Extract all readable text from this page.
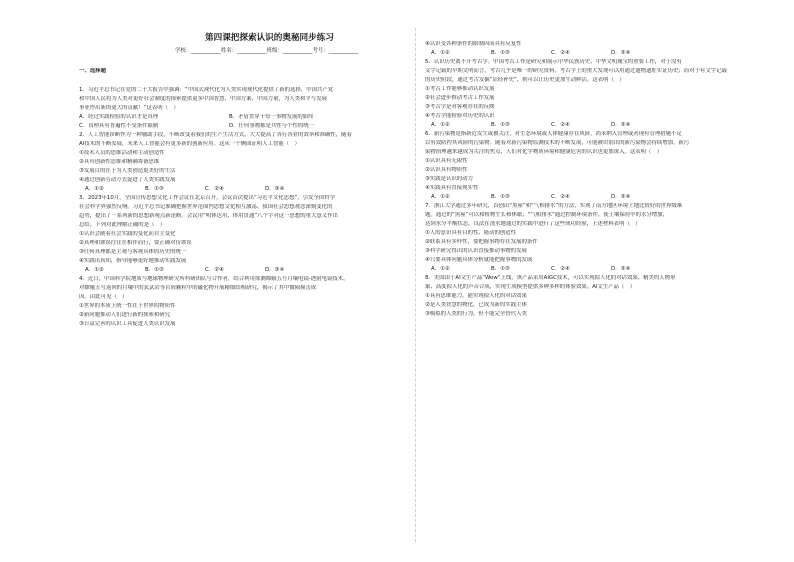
第四课把探索认识的奥秘同步练习
学校：___________姓名：___________班级：___________考号：___________
一、选择题
1．习近平总书记在党的二十大报告中强调：“中国式现代化为人类实现现代化提供了新的选择，中国共产党
和中国人民将为人类对更好社会制度的探索提供更多中国智慧、中国方案、中国力量，为人类和平与发展
事业作出新的更大的贡献！”这表明（　）
A．经过实践检验的认识才是真理	B．矛盾贯穿于每一事物发展的始终
C．真理具有普遍性不受条件限制	D．任何事物都是共性与个性的统一
2．人工智能诊断作为一种辅助手段，不断改变着我们的生产生活方式，大大提高了各行各业的效率和准确性，随着
AI技术的不断发展，未来人工智能会有更多新的创新应用。这从一个侧面证明人工智能（　）
①技术人员的思维活动和主动创造性
②具有创新性思维和精确筹备思维
③发展目的在于为人类创造更美好的生活
④通过创新劳动方式促进了人类实践发展
A．①②	B．①③	C．②④	D．③④
3．2023年10月，全国宣传思想文化工作会议在北京召开，会议首次提出“习近平文化思想”，引发全国哲学
社会科学界强烈反响。习近平总书记准确把握世界范围内思想文化相互激荡、我国社会思想观念深刻变化的
趋势，提出了一系列新的思想新观点新论断。会议用“明体达用、体用贯通”八个字对这一思想的重大意义作出
总结。下列对此理解正确的是（　）
①认识会随着社会实践的变化而自主变化
②真理和谬误往往在相伴而行，要正确对待谬误
③任何真理都是主观与客观具体的历史的统一
④实践出真知，指导能够更好地推动实践发展
A．①②	B．①③	C．②④	D．③④
4．近日，中国科学院地质与地球物理研究所科研团队与合作者，结合利用探测嫦娥五号月壤电镜-透射电镜技术，
对嫦娥五号返回的月壤中的玄武岩等岩屑颗粒中的磁化物开展精细结构研究，揭示了其中微陨撞击成
因。由此可见（　）
①世界的本质上统一性在于世界的物质性
②新问题推动人们进行新的探索和研究
③日益完善的认识工具促进人类认识发展
④认识受各种条件的限制因而具有反复性
A．①②	B．①③	C．②④	D．③④
5．认识历史离不开考古学。中国考古工作是研究和展示中华民族历史、中华文明瑰宝的重要工作，对于没有
文字记载的早期文明而言，考古几乎是唯一的研究资料，考古学上的重大发现可以用通过遗物遗址实证历史；而对于有文字记载
的历史阶段，通过考古发掘“证经补史”，则可以让历史更加生动鲜活。这表明（　）
①考古工作能够推动认识发展
②社会进步推动考古工作发展
③考古学是对客观存在的反映
④考古学能检验对历史的认识
A．①②	B．①③	C．②④	D．③④
6．新污染物是指新近发生或被关注，对生态环境或人体健康存在风险，尚未纳入管理或者现有管理措施不足
以有效防控其风险的污染物。随着对新污染物监测技术的不断发展，可能被识别出的新污染物会持续增加。新污
染物治理越来越成为关注的焦点，人们对化学物质环境和健康危害的认识也更加深入。这表明（　）
①认识具有无限性
②认识具有物质性
③实践是认识的动力
④实践具有直接现实性
A．①②	B．①③	C．②④	D．③④
7．浙江大学通过多年研究，首创出“黑屋”和“气相排水”的方法，实现了南方地区环境土地比较好的世界级难
题。通过的“黑屋”可以和植物生长和休眠；“气相排水”通过控制环境条件，使土壤保持中的水分增加，
达到水分平衡状态，良法在浇水地通过的实践中进行了这些成功经验，上述材料表明（　）
①人的意识具有目的性、能动的创造性
②联系具有多样性，要把握事物存在发展的条件
③科学研究得出的认识直接推动事物的发展
④只要具体问题具体分析就能把握事物的发展
A．①②	B．①③	C．②④	D．③④
8．美国由于AI文生产品“Wow”上线，该产品采用AIGC技术，可以实现拟人化的对话效果、精美的人物形
象、高度拟人化的声音合成，实现生成模型提供多种多样的体验效果。AI文生产品（　）
①具有思维能力，能实现拟人化的对话效果
②是人类智慧的物化，已成为新的实践主体
③模拟的人类的行为，但不能完全替代人类
